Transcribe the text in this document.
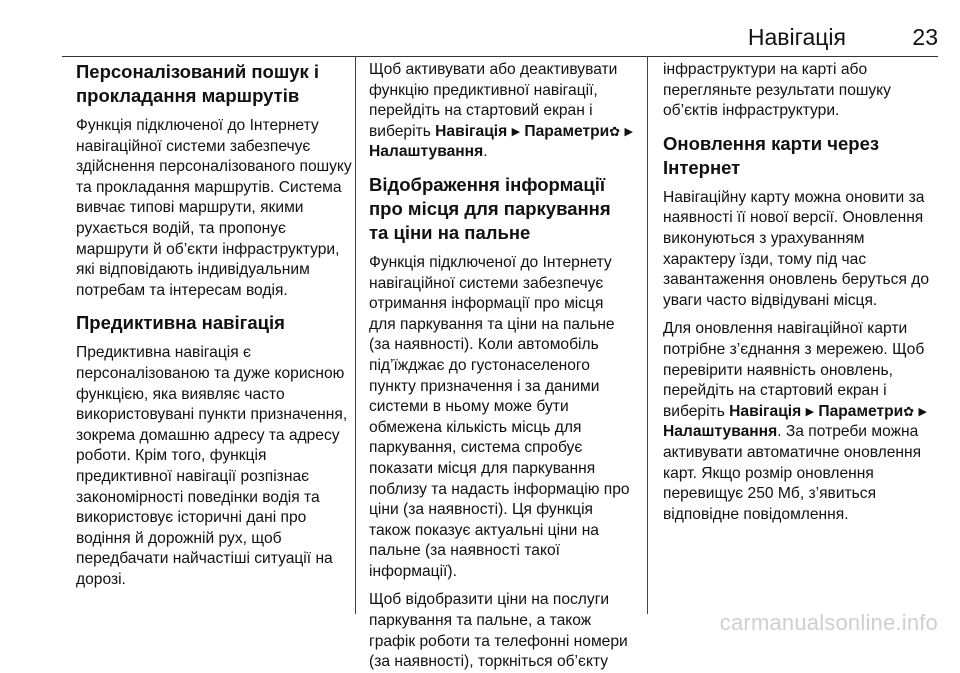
Навігація	23
Персоналізований пошук і прокладання маршрутів

Функція підключеної до Інтернету навігаційної системи забезпечує здійснення персоналізованого пошуку та прокладання маршрутів. Система вивчає типові маршрути, якими рухається водій, та пропонує маршрути й об’єкти інфраструктури, які відповідають індивідуальним потребам та інтересам водія.

Предиктивна навігація

Предиктивна навігація є персоналізованою та дуже корисною функцією, яка виявляє часто використовувані пункти призначення, зокрема домашню адресу та адресу роботи. Крім того, функція предиктивної навігації розпізнає закономірності поведінки водія та використовує історичні дані про водіння й дорожній рух, щоб передбачати найчастіші ситуації на дорозі.

Щоб активувати або деактивувати функцію предиктивної навігації, перейдіть на стартовий екран і виберіть Навігація ▶ Параметри✿ ▶ Налаштування.

Відображення інформації про місця для паркування та ціни на пальне

Функція підключеної до Інтернету навігаційної системи забезпечує отримання інформації про місця для паркування та ціни на пальне (за наявності). Коли автомобіль під’їжджає до густонаселеного пункту призначення і за даними системи в ньому може бути обмежена кількість місць для паркування, система спробує показати місця для паркування поблизу та надасть інформацію про ціни (за наявності). Ця функція також показує актуальні ціни на пальне (за наявності такої інформації).

Щоб відобразити ціни на послуги паркування та пальне, а також графік роботи та телефонні номери (за наявності), торкніться об’єкту

інфраструктури на карті або перегляньте результати пошуку об’єктів інфраструктури.

Оновлення карти через Інтернет

Навігаційну карту можна оновити за наявності її нової версії. Оновлення виконуються з урахуванням характеру їзди, тому під час завантаження оновлень беруться до уваги часто відвідувані місця.

Для оновлення навігаційної карти потрібне з’єднання з мережею. Щоб перевірити наявність оновлень, перейдіть на стартовий екран і виберіть Навігація ▶ Параметри✿ ▶ Налаштування. За потреби можна активувати автоматичне оновлення карт. Якщо розмір оновлення перевищує 250 Мб, з’явиться відповідне повідомлення.

carmanualsonline.info
